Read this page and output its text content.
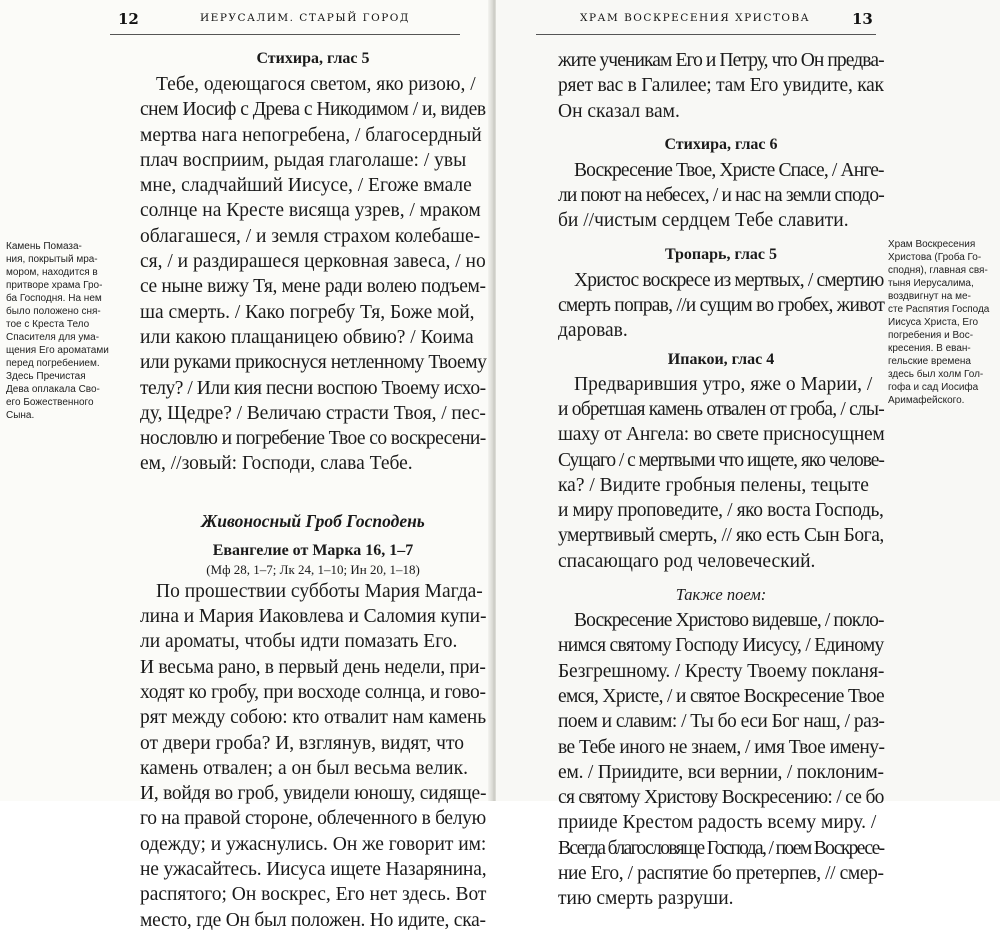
12	ИЕРУСАЛИМ. СТАРЫЙ ГОРОД
Камень Помаза-
ния, покрытый мра-
мором, находится в
притворе храма Гро-
ба Господня. На нем
было положено сня-
тое с Креста Тело
Спасителя для ума-
щения Его ароматами
перед погребением.
Здесь Пречистая
Дева оплакала Сво-
его Божественного
Сына.
Стихира, глас 5
Тебе, одеющагося светом, яко ризою, /
снем Иосиф с Древа с Никодимом / и, видев
мертва нага непогребена, / благосердный
плач восприим, рыдая глаголаше: / увы
мне, сладчайший Иисусе, / Егоже вмале
солнце на Кресте висяща узрев, / мраком
облагашеся, / и земля страхом колебаше-
ся, / и раздирашеся церковная завеса, / но
се ныне вижу Тя, мене ради волею подъем-
ша смерть. / Како погребу Тя, Боже мой,
или какою плащаницею обвию? / Коима
или руками прикоснуся нетленному Твоему
телу? / Или кия песни воспою Твоему исхо-
ду, Щедре? / Величаю страсти Твоя, / пес-
нословлю и погребение Твое со воскресени-
ем, //зовый: Господи, слава Тебе.
Живоносный Гроб Господень
Евангелие от Марка 16, 1–7
(Мф 28, 1–7; Лк 24, 1–10; Ин 20, 1–18)
По прошествии субботы Мария Магда-
лина и Мария Иаковлева и Саломия купи-
ли ароматы, чтобы идти помазать Его.
И весьма рано, в первый день недели, при-
ходят ко гробу, при восходе солнца, и гово-
рят между собою: кто отвалит нам камень
от двери гроба? И, взглянув, видят, что
камень отвален; а он был весьма велик.
И, войдя во гроб, увидели юношу, сидяще-
го на правой стороне, облеченного в белую
одежду; и ужаснулись. Он же говорит им:
не ужасайтесь. Иисуса ищете Назарянина,
распятого; Он воскрес, Его нет здесь. Вот
место, где Он был положен. Но идите, ска-
ХРАМ ВОСКРЕСЕНИЯ ХРИСТОВА	13
жите ученикам Его и Петру, что Он предва-
ряет вас в Галилее; там Его увидите, как
Он сказал вам.
Стихира, глас 6
Воскресение Твое, Христе Спасе, / Анге-
ли поют на небесех, / и нас на земли сподо-
би //чистым сердцем Тебе славити.
Тропарь, глас 5
Христос воскресе из мертвых, / смертию
смерть поправ, //и сущим во гробех, живот
даровав.
Ипакои, глас 4
Предварившия утро, яже о Марии, /
и обретшая камень отвален от гроба, / слы-
шаху от Ангела: во свете присносущнем
Сущаго / с мертвыми что ищете, яко челове-
ка? / Видите гробныя пелены, тецыте
и миру проповедите, / яко воста Господь,
умертвивый смерть, // яко есть Сын Бога,
спасающаго род человеческий.
Также поем:
Воскресение Христово видевше, / покло-
нимся святому Господу Иисусу, / Единому
Безгрешному. / Кресту Твоему покланя-
емся, Христе, / и святое Воскресение Твое
поем и славим: / Ты бо еси Бог наш, / раз-
ве Тебе иного не знаем, / имя Твое имену-
ем. / Приидите, вси вернии, / поклоним-
ся святому Христову Воскресению: / се бо
прииде Крестом радость всему миру. /
Всегда благословяще Господа, / поем Воскресе-
ние Его, / распятие бо претерпев, // смер-
тию смерть разруши.
Храм Воскресения
Христова (Гроба Го-
сподня), главная свя-
тыня Иерусалима,
воздвигнут на ме-
сте Распятия Господа
Иисуса Христа, Его
погребения и Вос-
кресения. В еван-
гельские времена
здесь был холм Гол-
гофа и сад Иосифа
Аримафейского.
